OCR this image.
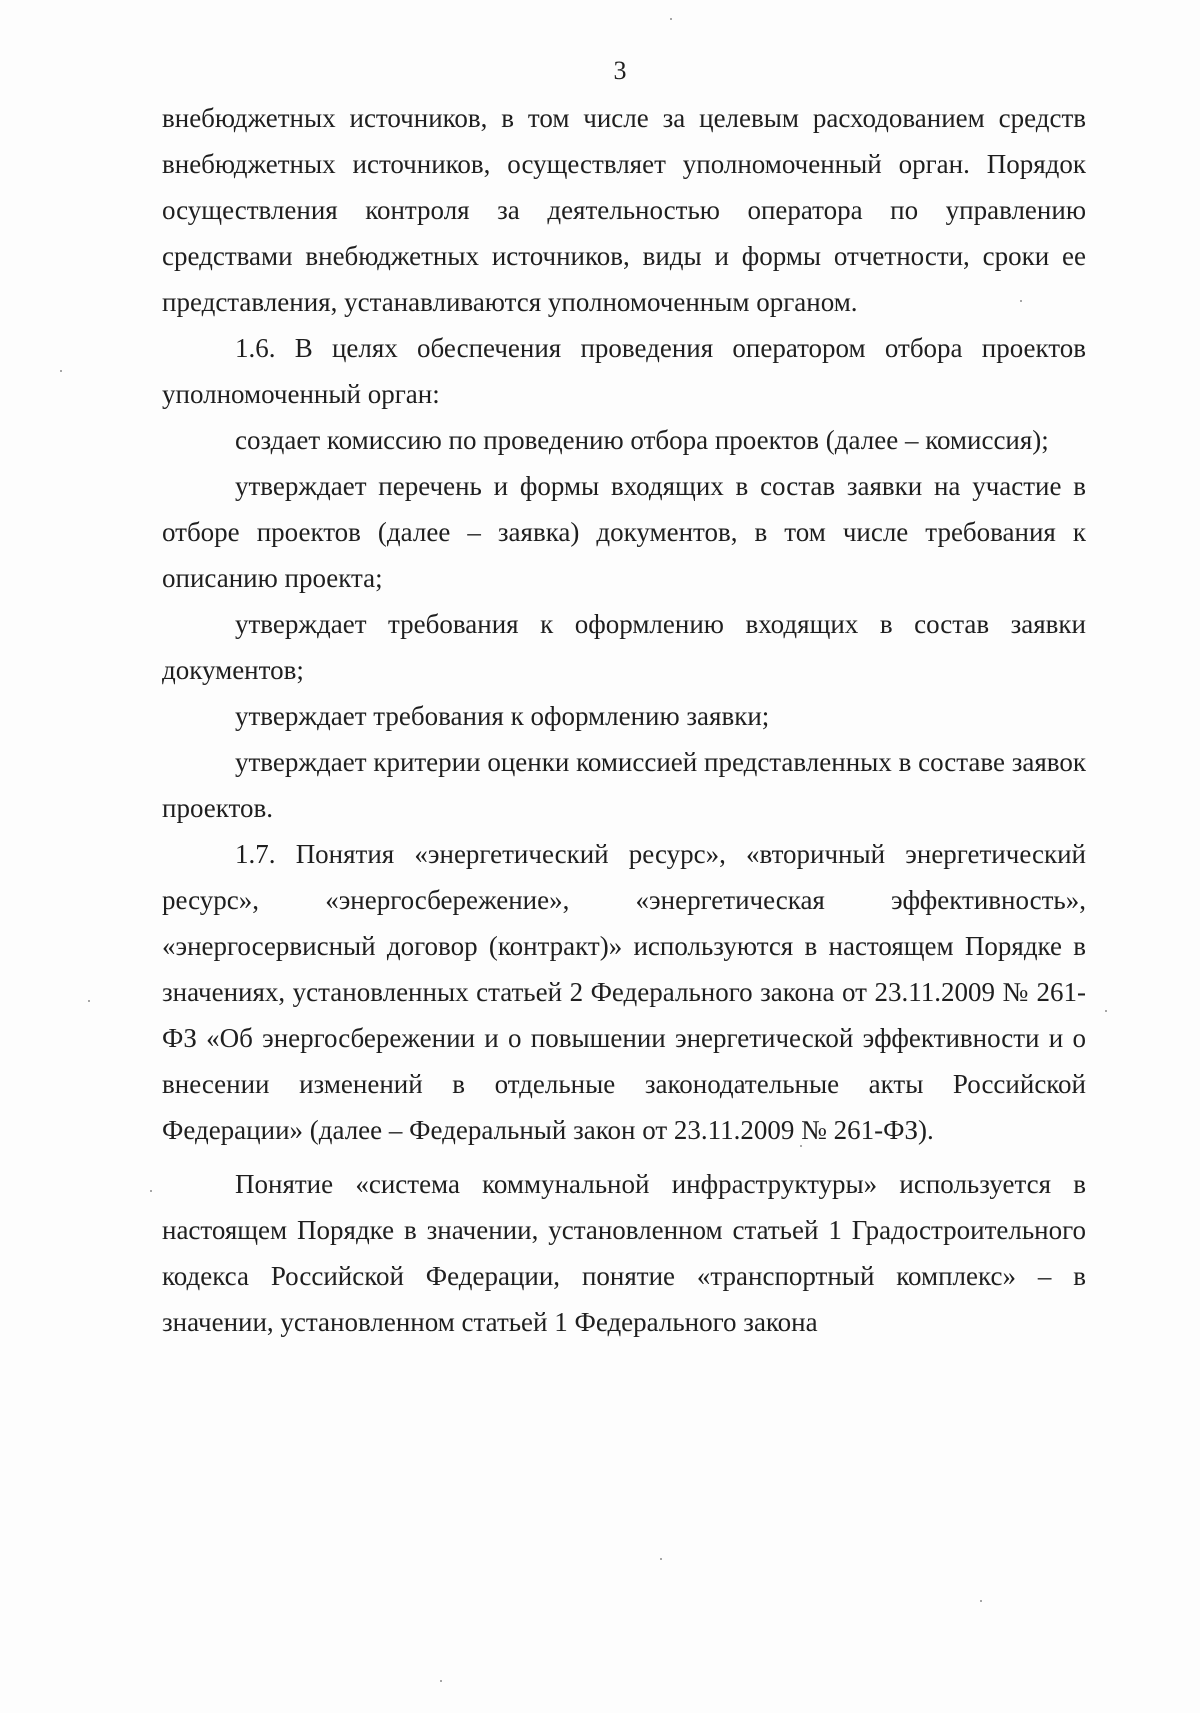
3

внебюджетных источников, в том числе за целевым расходованием средств внебюджетных источников, осуществляет уполномоченный орган. Порядок осуществления контроля за деятельностью оператора по управлению средствами внебюджетных источников, виды и формы отчетности, сроки ее представления, устанавливаются уполномоченным органом.

1.6. В целях обеспечения проведения оператором отбора проектов уполномоченный орган:

создает комиссию по проведению отбора проектов (далее – комиссия);

утверждает перечень и формы входящих в состав заявки на участие в отборе проектов (далее – заявка) документов, в том числе требования к описанию проекта;

утверждает требования к оформлению входящих в состав заявки документов;

утверждает требования к оформлению заявки;

утверждает критерии оценки комиссией представленных в составе заявок проектов.

1.7. Понятия «энергетический ресурс», «вторичный энергетический ресурс», «энергосбережение», «энергетическая эффективность», «энергосервисный договор (контракт)» используются в настоящем Порядке в значениях, установленных статьей 2 Федерального закона от 23.11.2009 № 261-ФЗ «Об энергосбережении и о повышении энергетической эффективности и о внесении изменений в отдельные законодательные акты Российской Федерации» (далее – Федеральный закон от 23.11.2009 № 261-ФЗ).

Понятие «система коммунальной инфраструктуры» используется в настоящем Порядке в значении, установленном статьей 1 Градостроительного кодекса Российской Федерации, понятие «транспортный комплекс» – в значении, установленном статьей 1 Федерального закона
